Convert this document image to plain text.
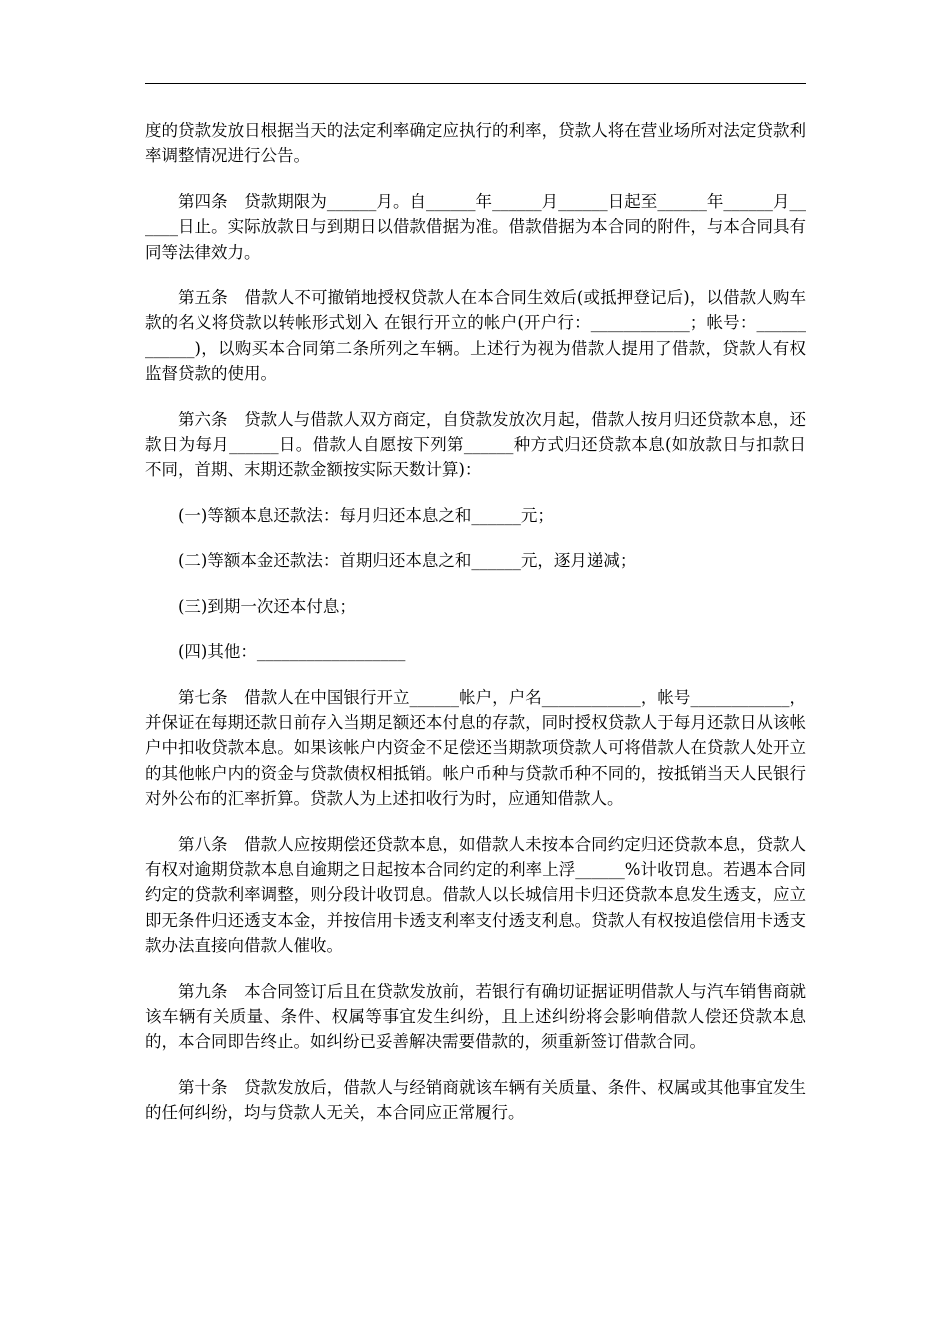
度的贷款发放日根据当天的法定利率确定应执行的利率，贷款人将在营业场所对法定贷款利率调整情况进行公告。

第四条　贷款期限为______月。自______年______月______日起至______年______月______日止。实际放款日与到期日以借款借据为准。借款借据为本合同的附件，与本合同具有同等法律效力。

第五条　借款人不可撤销地授权贷款人在本合同生效后(或抵押登记后)，以借款人购车款的名义将贷款以转帐形式划入 在银行开立的帐户(开户行：____________；帐号：____________)，以购买本合同第二条所列之车辆。上述行为视为借款人提用了借款，贷款人有权监督贷款的使用。

第六条　贷款人与借款人双方商定，自贷款发放次月起，借款人按月归还贷款本息，还款日为每月______日。借款人自愿按下列第______种方式归还贷款本息(如放款日与扣款日不同，首期、末期还款金额按实际天数计算)：

(一)等额本息还款法：每月归还本息之和______元；

(二)等额本金还款法：首期归还本息之和______元，逐月递减；

(三)到期一次还本付息；

(四)其他：__________________

第七条　借款人在中国银行开立______帐户，户名____________，帐号____________，并保证在每期还款日前存入当期足额还本付息的存款，同时授权贷款人于每月还款日从该帐户中扣收贷款本息。如果该帐户内资金不足偿还当期款项贷款人可将借款人在贷款人处开立的其他帐户内的资金与贷款债权相抵销。帐户币种与贷款币种不同的，按抵销当天人民银行对外公布的汇率折算。贷款人为上述扣收行为时，应通知借款人。

第八条　借款人应按期偿还贷款本息，如借款人未按本合同约定归还贷款本息，贷款人有权对逾期贷款本息自逾期之日起按本合同约定的利率上浮______%计收罚息。若遇本合同约定的贷款利率调整，则分段计收罚息。借款人以长城信用卡归还贷款本息发生透支，应立即无条件归还透支本金，并按信用卡透支利率支付透支利息。贷款人有权按追偿信用卡透支款办法直接向借款人催收。

第九条　本合同签订后且在贷款发放前，若银行有确切证据证明借款人与汽车销售商就该车辆有关质量、条件、权属等事宜发生纠纷，且上述纠纷将会影响借款人偿还贷款本息的，本合同即告终止。如纠纷已妥善解决需要借款的，须重新签订借款合同。

第十条　贷款发放后，借款人与经销商就该车辆有关质量、条件、权属或其他事宜发生的任何纠纷，均与贷款人无关，本合同应正常履行。
